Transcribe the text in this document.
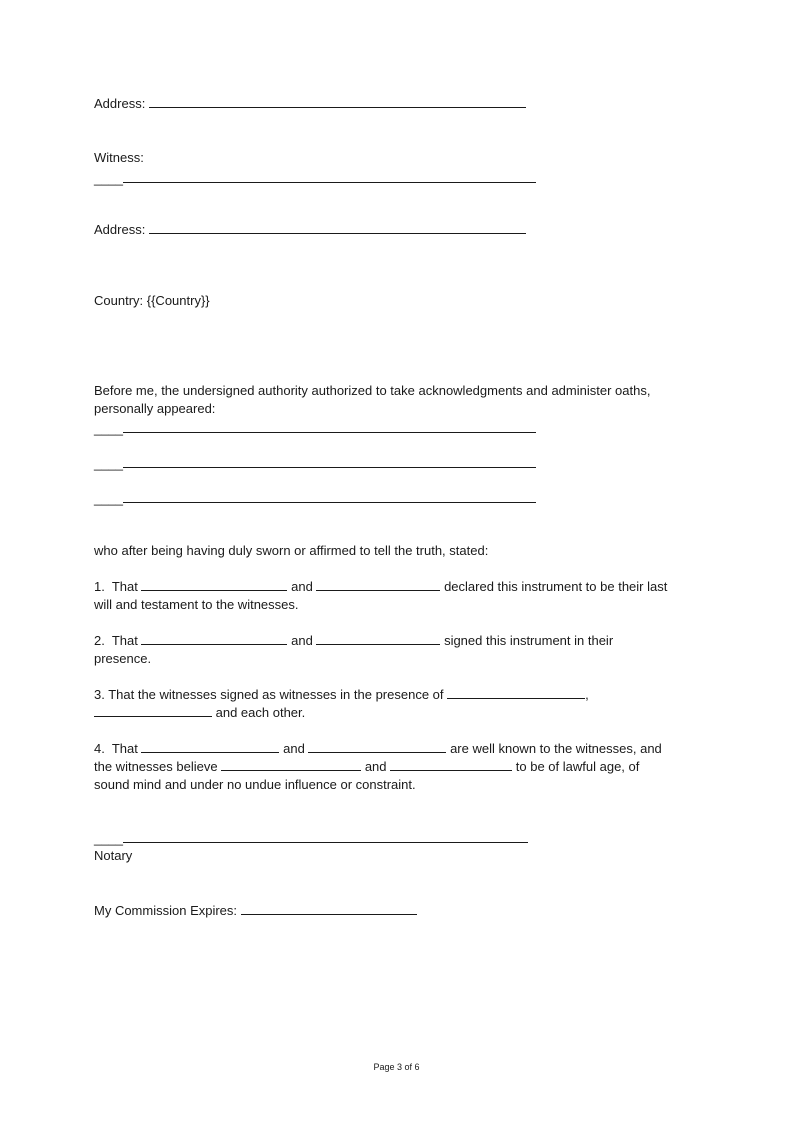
Address:
Witness:
____
Address:
Country: {{Country}}
Before me, the undersigned authority authorized to take acknowledgments and administer oaths,
personally appeared:
____
____
____
who after being having duly sworn or affirmed to tell the truth, stated:
1. That	and	declared this instrument to be their last
will and testament to the witnesses.
2. That	and	signed this instrument in their
presence.
3. That the witnesses signed as witnesses in the presence of	,
and each other.
4. That	and	are well known to the witnesses, and
the witnesses believe	and	to be of lawful age, of
sound mind and under no undue influence or constraint.
____
Notary
My Commission Expires:
Page 3 of 6
